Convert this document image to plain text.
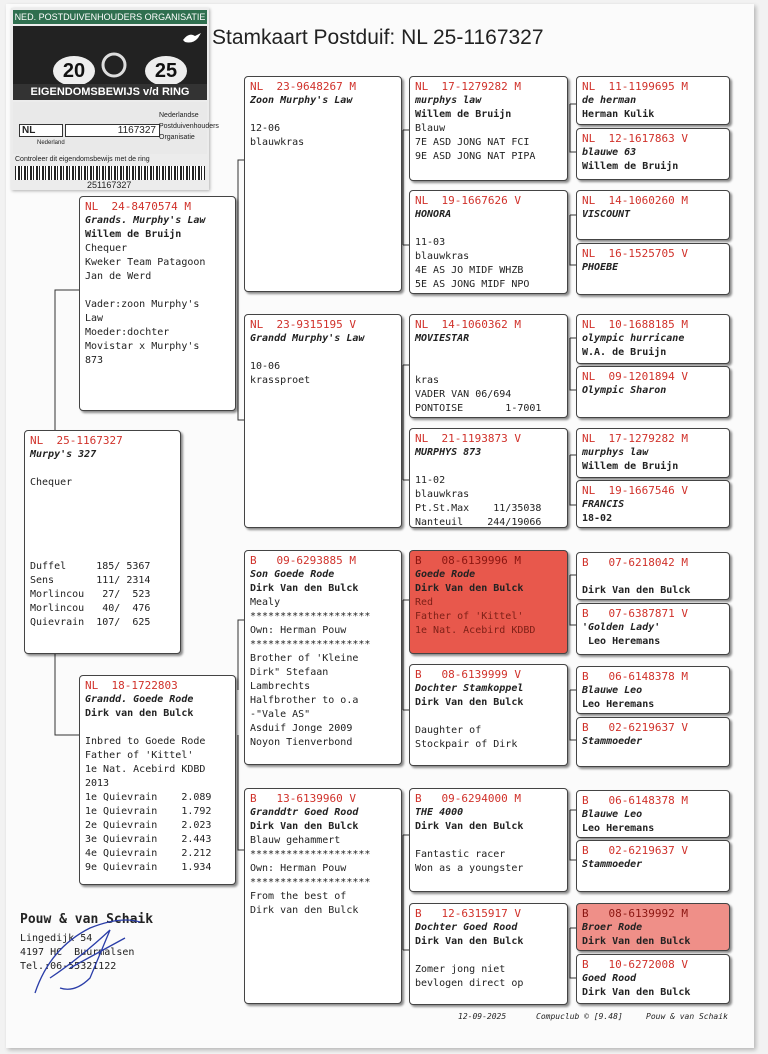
Stamkaart Postduif: NL 25-1167327
NED. POSTDUIVENHOUDERS ORGANISATIE
20	25
EIGENDOMSBEWIJS v/d RING
NL	1167327
Nederland
Nederlandse
Postduivenhouders
Organisatie
Controleer dit eigendomsbewijs met de ring
251167327
NL  25-1167327
Murpy's 327

Chequer

Duffel     185/ 5367
Sens       111/ 2314
Morlincou   27/  523
Morlincou   40/  476
Quievrain  107/  625
NL  24-8470574 M
Grands. Murphy's Law
Willem de Bruijn
Chequer
Kweker Team Patagoon
Jan de Werd

Vader:zoon Murphy's
Law
Moeder:dochter
Movistar x Murphy's
873
NL  18-1722803
Grandd. Goede Rode
Dirk van den Bulck

Inbred to Goede Rode
Father of 'Kittel'
1e Nat. Acebird KDBD
2013
1e Quievrain    2.089
1e Quievrain    1.792
2e Quievrain    2.023
3e Quievrain    2.443
4e Quievrain    2.212
9e Quievrain    1.934
NL  23-9648267 M
Zoon Murphy's Law

12-06
blauwkras
NL  23-9315195 V
Grandd Murphy's Law

10-06
krassproet
B   09-6293885 M
Son Goede Rode
Dirk Van den Bulck
Mealy
********************
Own: Herman Pouw
********************
Brother of 'Kleine
Dirk" Stefaan
Lambrechts
Halfbrother to o.a
-"Vale AS"
Asduif Jonge 2009
Noyon Tienverbond
B   13-6139960 V
Granddtr Goed Rood
Dirk Van den Bulck
Blauw gehammert
********************
Own: Herman Pouw
********************
From the best of
Dirk van den Bulck
NL  17-1279282 M
murphys law
Willem de Bruijn
Blauw
7E ASD JONG NAT FCI
9E ASD JONG NAT PIPA
NL  19-1667626 V
HONORA

11-03
blauwkras
4E AS JO MIDF WHZB
5E AS JONG MIDF NPO
NL  14-1060362 M
MOVIESTAR

kras
VADER VAN 06/694
PONTOISE       1-7001
NL  21-1193873 V
MURPHYS 873

11-02
blauwkras
Pt.St.Max    11/35038
Nanteuil    244/19066
B   08-6139996 M
Goede Rode
Dirk Van den Bulck
Red
Father of 'Kittel'
1e Nat. Acebird KDBD
B   08-6139999 V
Dochter Stamkoppel
Dirk Van den Bulck

Daughter of
Stockpair of Dirk
B   09-6294000 M
THE 4000
Dirk Van den Bulck

Fantastic racer
Won as a youngster
B   12-6315917 V
Dochter Goed Rood
Dirk Van den Bulck

Zomer jong niet
bevlogen direct op
NL  11-1199695 M
de herman
Herman Kulik
NL  12-1617863 V
blauwe 63
Willem de Bruijn
NL  14-1060260 M
VISCOUNT

NL  16-1525705 V
PHOEBE

NL  10-1688185 M
olympic hurricane
W.A. de Bruijn
NL  09-1201894 V
Olympic Sharon

NL  17-1279282 M
murphys law
Willem de Bruijn
NL  19-1667546 V
FRANCIS
18-02
B   07-6218042 M

Dirk Van den Bulck
B   07-6387871 V
'Golden Lady'
Leo Heremans
B   06-6148378 M
Blauwe Leo
Leo Heremans
B   02-6219637 V
Stammoeder

B   06-6148378 M
Blauwe Leo
Leo Heremans
B   02-6219637 V
Stammoeder

B   08-6139992 M
Broer Rode
Dirk Van den Bulck
B   10-6272008 V
Goed Rood
Dirk Van den Bulck
Pouw & van Schaik
Lingedijk 54
4197 HC  Buurmalsen
Tel.:06-55321122
12-09-2025	Compuclub © [9.48]	Pouw & van Schaik
